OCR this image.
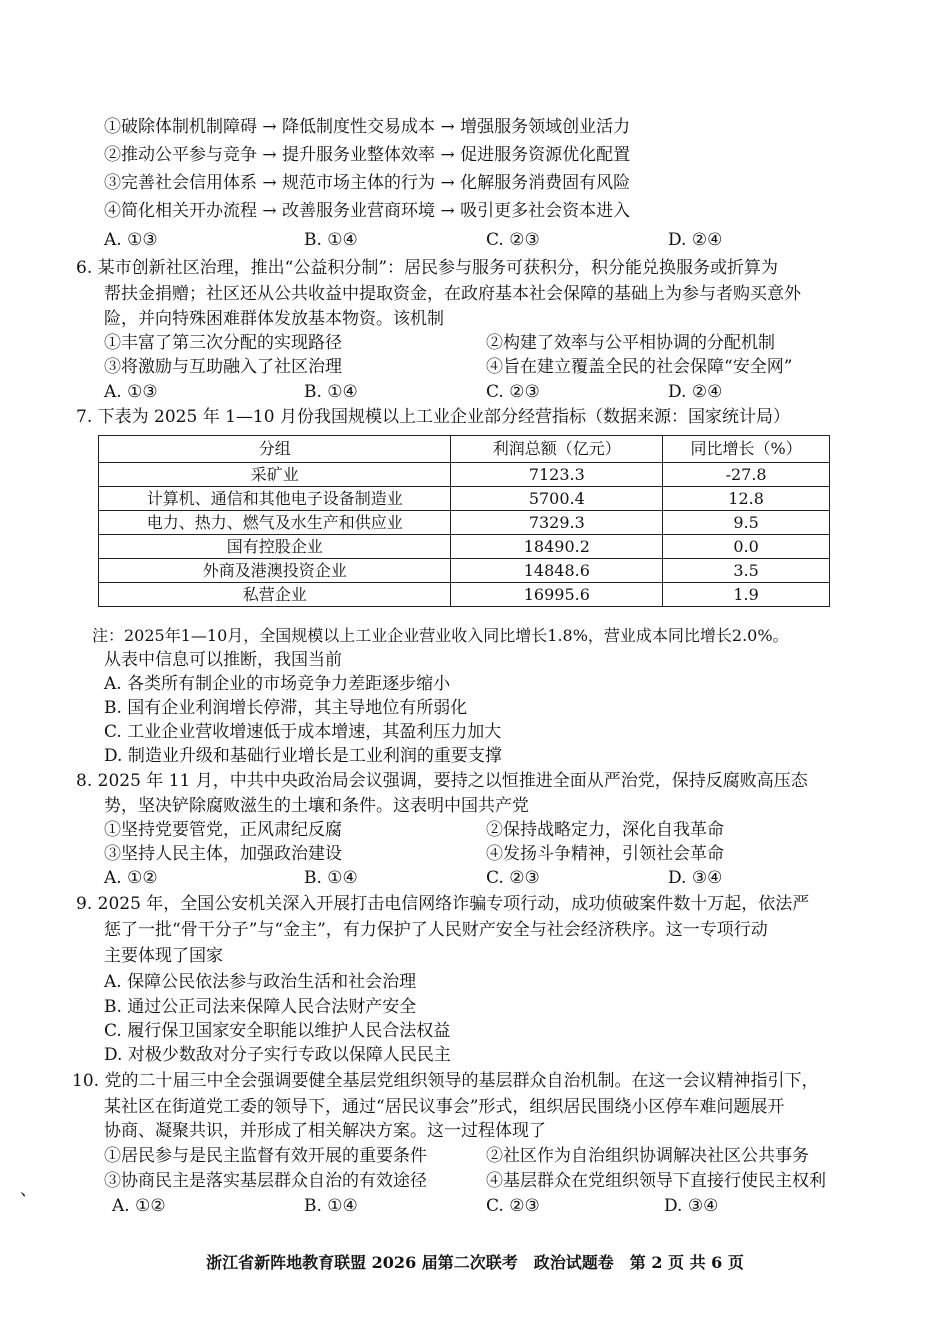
①破除体制机制障碍 → 降低制度性交易成本 → 增强服务领域创业活力
②推动公平参与竞争 → 提升服务业整体效率 → 促进服务资源优化配置
③完善社会信用体系 → 规范市场主体的行为 → 化解服务消费固有风险
④简化相关开办流程 → 改善服务业营商环境 → 吸引更多社会资本进入
A. ①③	B. ①④	C. ②③	D. ②④
6. 某市创新社区治理，推出“公益积分制”：居民参与服务可获积分，积分能兑换服务或折算为
帮扶金捐赠；社区还从公共收益中提取资金，在政府基本社会保障的基础上为参与者购买意外
险，并向特殊困难群体发放基本物资。该机制
①丰富了第三次分配的实现路径	②构建了效率与公平相协调的分配机制
③将激励与互助融入了社区治理	④旨在建立覆盖全民的社会保障“安全网”
A. ①③	B. ①④	C. ②③	D. ②④
7. 下表为 2025 年 1—10 月份我国规模以上工业企业部分经营指标（数据来源：国家统计局）
分组	利润总额（亿元）	同比增长（%）
采矿业	7123.3	-27.8
计算机、通信和其他电子设备制造业	5700.4	12.8
电力、热力、燃气及水生产和供应业	7329.3	9.5
国有控股企业	18490.2	0.0
外商及港澳投资企业	14848.6	3.5
私营企业	16995.6	1.9
注：2025年1—10月，全国规模以上工业企业营业收入同比增长1.8%，营业成本同比增长2.0%。
从表中信息可以推断，我国当前
A. 各类所有制企业的市场竞争力差距逐步缩小
B. 国有企业利润增长停滞，其主导地位有所弱化
C. 工业企业营收增速低于成本增速，其盈利压力加大
D. 制造业升级和基础行业增长是工业利润的重要支撑
8. 2025 年 11 月，中共中央政治局会议强调，要持之以恒推进全面从严治党，保持反腐败高压态
势，坚决铲除腐败滋生的土壤和条件。这表明中国共产党
①坚持党要管党，正风肃纪反腐	②保持战略定力，深化自我革命
③坚持人民主体，加强政治建设	④发扬斗争精神，引领社会革命
A. ①②	B. ①④	C. ②③	D. ③④
9. 2025 年，全国公安机关深入开展打击电信网络诈骗专项行动，成功侦破案件数十万起，依法严
惩了一批“骨干分子”与“金主”，有力保护了人民财产安全与社会经济秩序。这一专项行动
主要体现了国家
A. 保障公民依法参与政治生活和社会治理
B. 通过公正司法来保障人民合法财产安全
C. 履行保卫国家安全职能以维护人民合法权益
D. 对极少数敌对分子实行专政以保障人民民主
10. 党的二十届三中全会强调要健全基层党组织领导的基层群众自治机制。在这一会议精神指引下，
某社区在街道党工委的领导下，通过“居民议事会”形式，组织居民围绕小区停车难问题展开
协商、凝聚共识，并形成了相关解决方案。这一过程体现了
①居民参与是民主监督有效开展的重要条件	②社区作为自治组织协调解决社区公共事务
③协商民主是落实基层群众自治的有效途径	④基层群众在党组织领导下直接行使民主权利
、
A. ①②	B. ①④	C. ②③	D. ③④
浙江省新阵地教育联盟 2026 届第二次联考　政治试题卷　第 2 页 共 6 页
